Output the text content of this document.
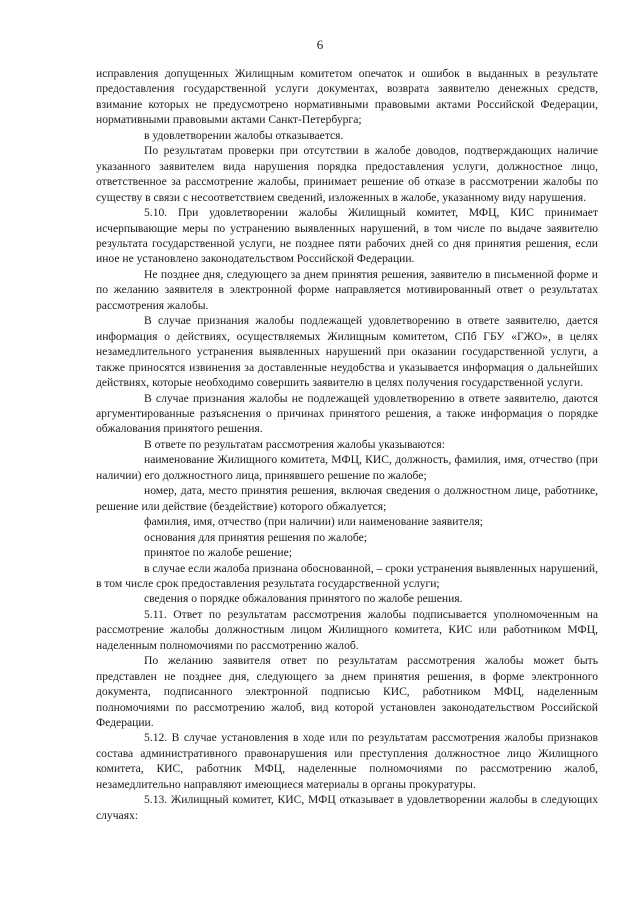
6

исправления допущенных Жилищным комитетом опечаток и ошибок в выданных в результате предоставления государственной услуги документах, возврата заявителю денежных средств, взимание которых не предусмотрено нормативными правовыми актами Российской Федерации, нормативными правовыми актами Санкт-Петербурга;

в удовлетворении жалобы отказывается.

По результатам проверки при отсутствии в жалобе доводов, подтверждающих наличие указанного заявителем вида нарушения порядка предоставления услуги, должностное лицо, ответственное за рассмотрение жалобы, принимает решение об отказе в рассмотрении жалобы по существу в связи с несоответствием сведений, изложенных в жалобе, указанному виду нарушения.

5.10. При удовлетворении жалобы Жилищный комитет, МФЦ, КИС принимает исчерпывающие меры по устранению выявленных нарушений, в том числе по выдаче заявителю результата государственной услуги, не позднее пяти рабочих дней со дня принятия решения, если иное не установлено законодательством Российской Федерации.

Не позднее дня, следующего за днем принятия решения, заявителю в письменной форме и по желанию заявителя в электронной форме направляется мотивированный ответ о результатах рассмотрения жалобы.

В случае признания жалобы подлежащей удовлетворению в ответе заявителю, дается информация о действиях, осуществляемых Жилищным комитетом, СПб ГБУ «ГЖО», в целях незамедлительного устранения выявленных нарушений при оказании государственной услуги, а также приносятся извинения за доставленные неудобства и указывается информация о дальнейших действиях, которые необходимо совершить заявителю в целях получения государственной услуги.

В случае признания жалобы не подлежащей удовлетворению в ответе заявителю, даются аргументированные разъяснения о причинах принятого решения, а также информация о порядке обжалования принятого решения.

В ответе по результатам рассмотрения жалобы указываются:

наименование Жилищного комитета, МФЦ, КИС, должность, фамилия, имя, отчество (при наличии) его должностного лица, принявшего решение по жалобе;

номер, дата, место принятия решения, включая сведения о должностном лице, работнике, решение или действие (бездействие) которого обжалуется;

фамилия, имя, отчество (при наличии) или наименование заявителя;

основания для принятия решения по жалобе;

принятое по жалобе решение;

в случае если жалоба признана обоснованной, – сроки устранения выявленных нарушений, в том числе срок предоставления результата государственной услуги;

сведения о порядке обжалования принятого по жалобе решения.

5.11. Ответ по результатам рассмотрения жалобы подписывается уполномоченным на рассмотрение жалобы должностным лицом Жилищного комитета, КИС или работником МФЦ, наделенным полномочиями по рассмотрению жалоб.

По желанию заявителя ответ по результатам рассмотрения жалобы может быть представлен не позднее дня, следующего за днем принятия решения, в форме электронного документа, подписанного электронной подписью КИС, работником МФЦ, наделенным полномочиями по рассмотрению жалоб, вид которой установлен законодательством Российской Федерации.

5.12. В случае установления в ходе или по результатам рассмотрения жалобы признаков состава административного правонарушения или преступления должностное лицо Жилищного комитета, КИС, работник МФЦ, наделенные полномочиями по рассмотрению жалоб, незамедлительно направляют имеющиеся материалы в органы прокуратуры.

5.13. Жилищный комитет, КИС, МФЦ отказывает в удовлетворении жалобы в следующих случаях:
